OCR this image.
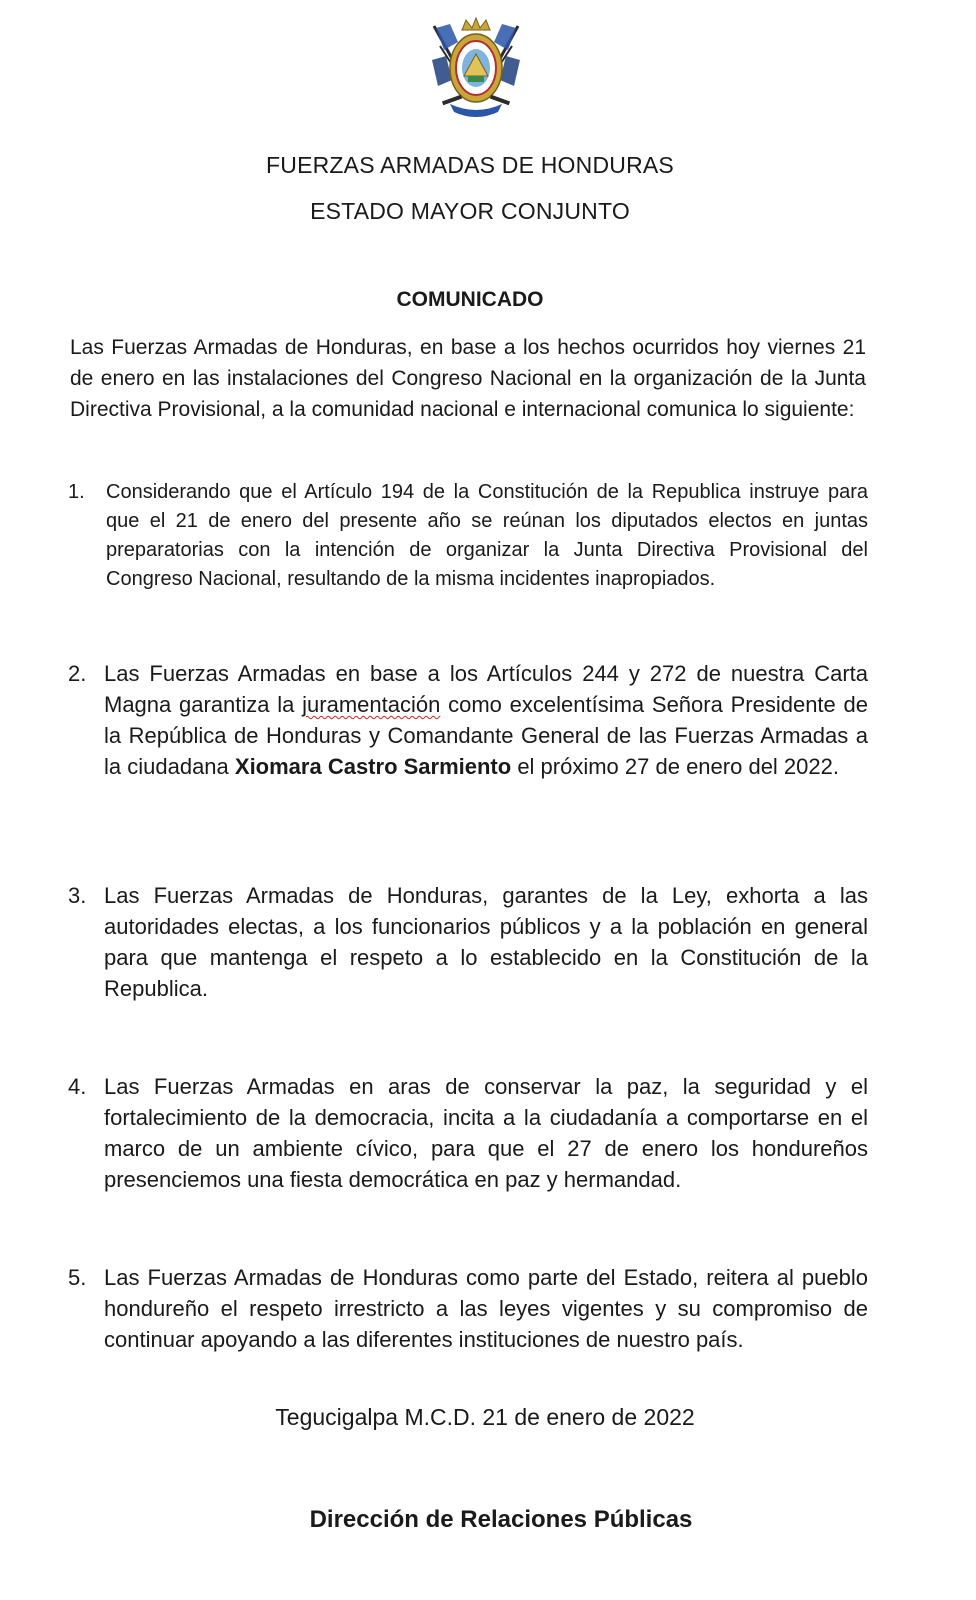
FUERZAS ARMADAS DE HONDURAS
ESTADO MAYOR CONJUNTO
COMUNICADO
Las Fuerzas Armadas de Honduras, en base a los hechos ocurridos hoy viernes 21 de enero en las instalaciones del Congreso Nacional en la organización de la Junta Directiva Provisional, a la comunidad nacional e internacional comunica lo siguiente:
1. Considerando que el Artículo 194 de la Constitución de la Republica instruye para que el 21 de enero del presente año se reúnan los diputados electos en juntas preparatorias con la intención de organizar la Junta Directiva Provisional del Congreso Nacional, resultando de la misma incidentes inapropiados.
2. Las Fuerzas Armadas en base a los Artículos 244 y 272 de nuestra Carta Magna garantiza la juramentación como excelentísima Señora Presidente de la República de Honduras y Comandante General de las Fuerzas Armadas a la ciudadana Xiomara Castro Sarmiento el próximo 27 de enero del 2022.
3. Las Fuerzas Armadas de Honduras, garantes de la Ley, exhorta a las autoridades electas, a los funcionarios públicos y a la población en general para que mantenga el respeto a lo establecido en la Constitución de la Republica.
4. Las Fuerzas Armadas en aras de conservar la paz, la seguridad y el fortalecimiento de la democracia, incita a la ciudadanía a comportarse en el marco de un ambiente cívico, para que el 27 de enero los hondureños presenciemos una fiesta democrática en paz y hermandad.
5. Las Fuerzas Armadas de Honduras como parte del Estado, reitera al pueblo hondureño el respeto irrestricto a las leyes vigentes y su compromiso de continuar apoyando a las diferentes instituciones de nuestro país.
Tegucigalpa M.C.D. 21 de enero de 2022
Dirección de Relaciones Públicas
